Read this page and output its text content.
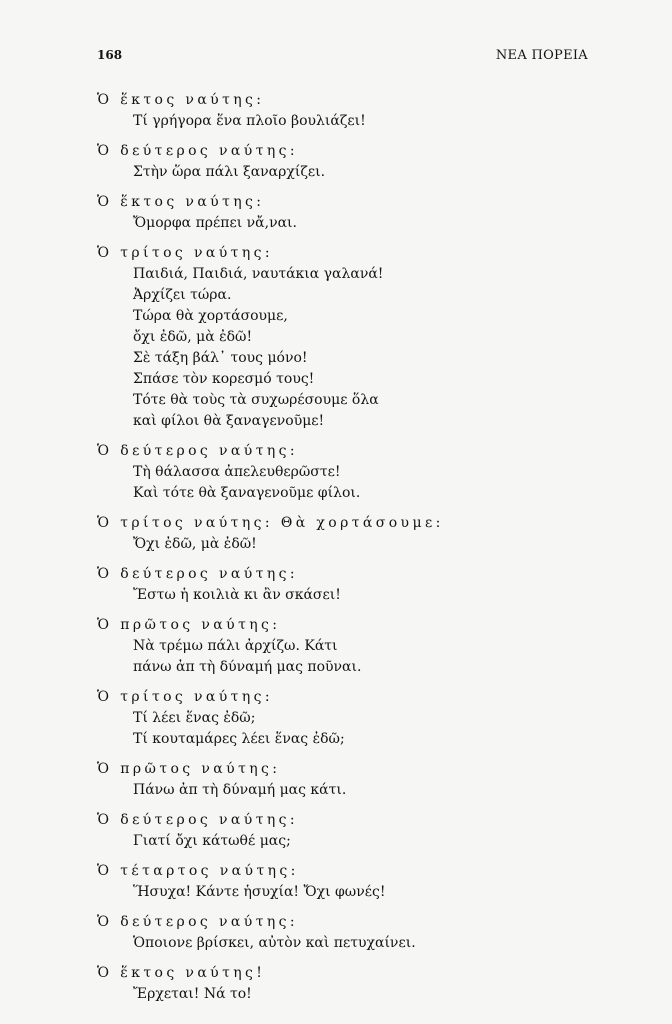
168	ΝΕΑ ΠΟΡΕΙΑ
Ὁ ἕκτος ναύτης:
Τί γρήγορα ἕνα πλοῖο βουλιάζει!
Ὁ δεύτερος ναύτης:
Στὴν ὥρα πάλι ξαναρχίζει.
Ὁ ἕκτος ναύτης:
Ὄμορφα πρέπει νἄ,ναι.
Ὁ τρίτος ναύτης:
Παιδιά, Παιδιά, ναυτάκια γαλανά!
Ἀρχίζει τώρα.
Τώρα θὰ χορτάσουμε,
ὄχι ἐδῶ, μὰ ἐδῶ!
Σὲ τάξη βάλ᾽ τους μόνο!
Σπάσε τὸν κορεσμό τους!
Τότε θὰ τοὺς τὰ συχωρέσουμε ὅλα
καὶ φίλοι θὰ ξαναγενοῦμε!
Ὁ δεύτερος ναύτης:
Τὴ θάλασσα ἀπελευθερῶστε!
Καὶ τότε θὰ ξαναγενοῦμε φίλοι.
Ὁ τρίτος ναύτης: Θὰ χορτάσουμε:
Ὄχι ἐδῶ, μὰ ἐδῶ!
Ὁ δεύτερος ναύτης:
Ἔστω ἡ κοιλιὰ κι ἂν σκάσει!
Ὁ πρῶτος ναύτης:
Νὰ τρέμω πάλι ἀρχίζω. Κάτι
πάνω ἀπ τὴ δύναμή μας ποῦναι.
Ὁ τρίτος ναύτης:
Τί λέει ἕνας ἐδῶ;
Τί κουταμάρες λέει ἕνας ἐδῶ;
Ὁ πρῶτος ναύτης:
Πάνω ἀπ τὴ δύναμή μας κάτι.
Ὁ δεύτερος ναύτης:
Γιατί ὄχι κάτωθέ μας;
Ὁ τέταρτος ναύτης:
Ἥσυχα! Κάντε ἡσυχία! Ὄχι φωνές!
Ὁ δεύτερος ναύτης:
Ὁποιονε βρίσκει, αὐτὸν καὶ πετυχαίνει.
Ὁ ἕκτος ναύτης!
Ἔρχεται! Νά το!
